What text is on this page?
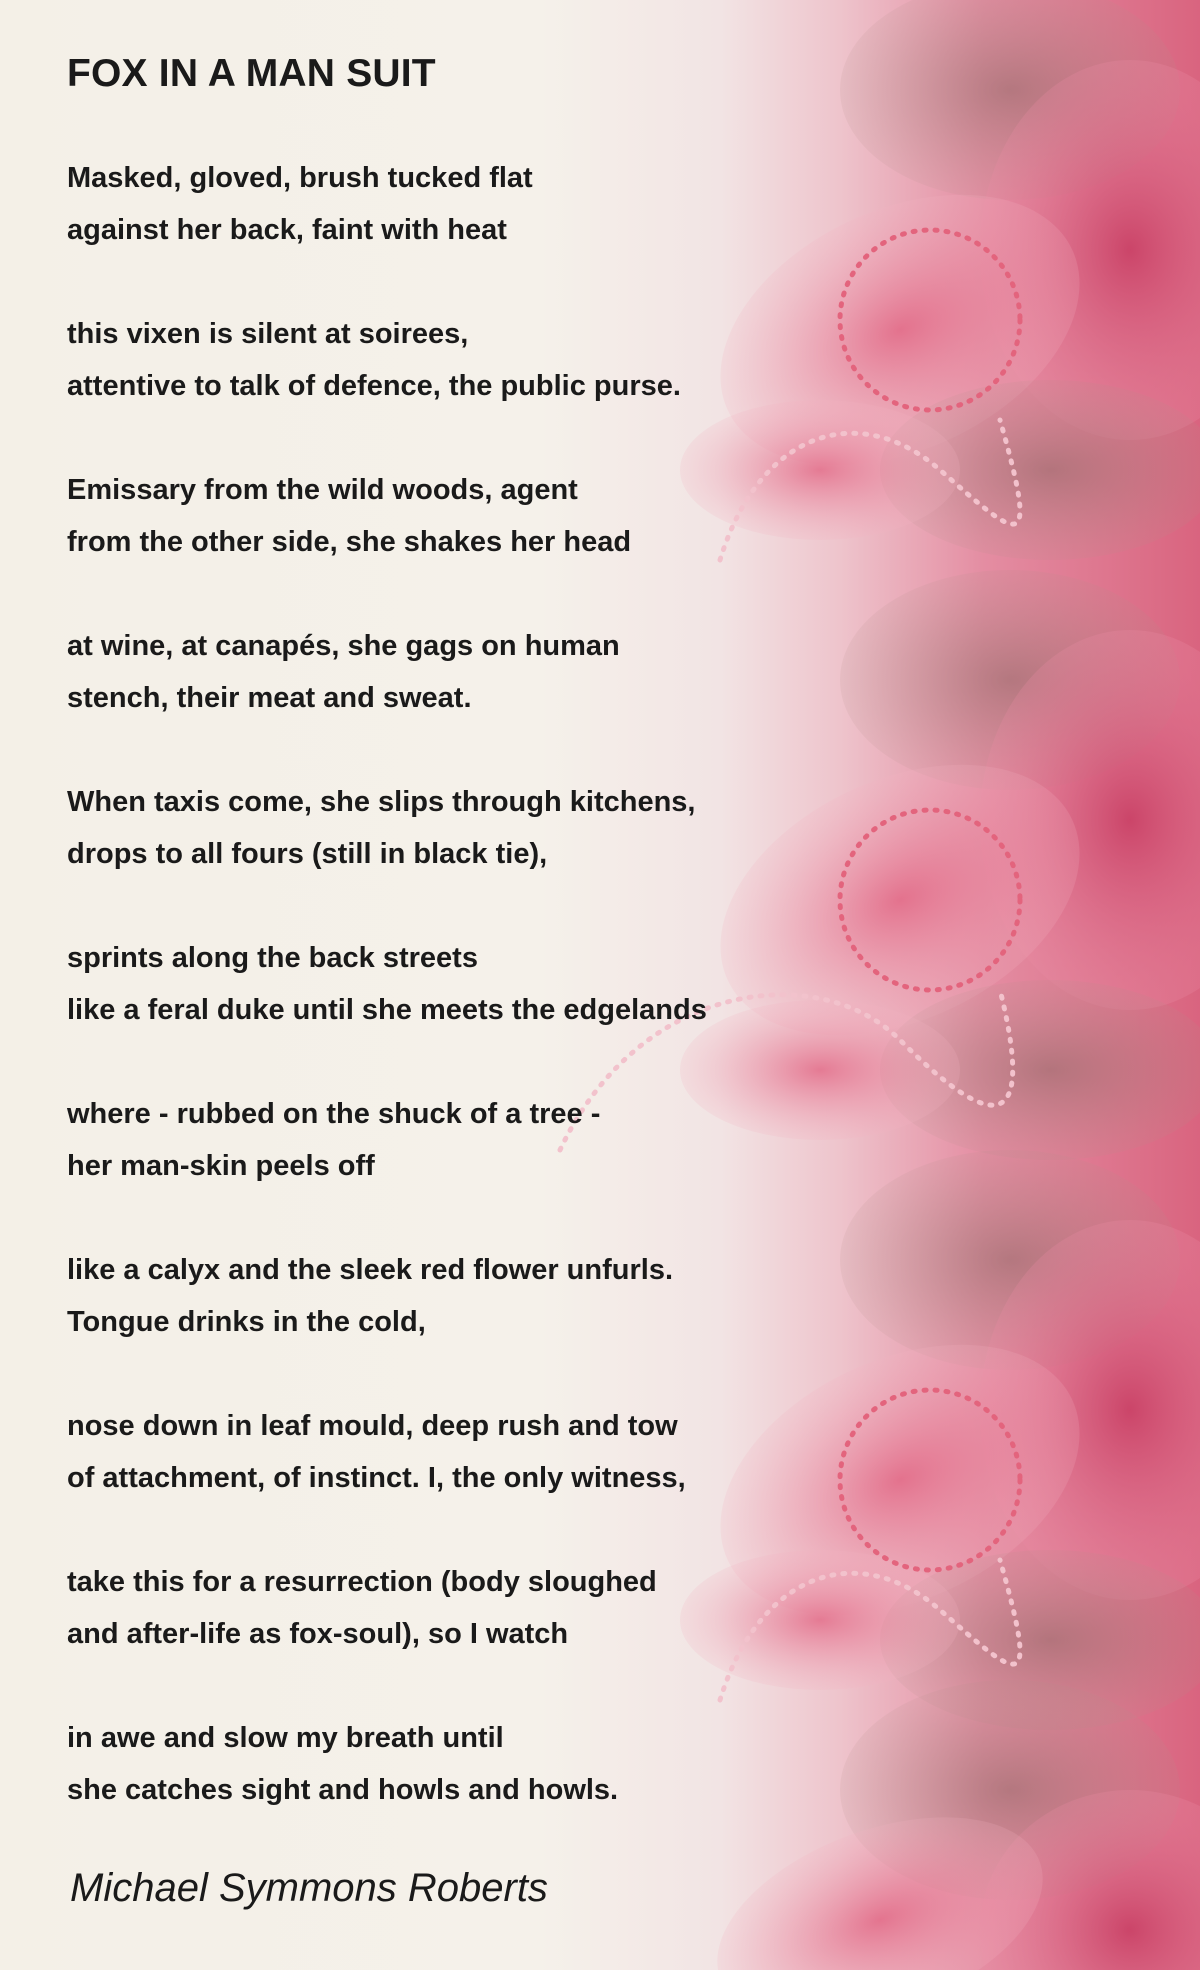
FOX IN A MAN SUIT
Masked, gloved, brush tucked flat
against her back, faint with heat
this vixen is silent at soirees,
attentive to talk of defence, the public purse.
Emissary from the wild woods, agent
from the other side, she shakes her head
at wine, at canapés, she gags on human
stench, their meat and sweat.
When taxis come, she slips through kitchens,
drops to all fours (still in black tie),
sprints along the back streets
like a feral duke until she meets the edgelands
where - rubbed on the shuck of a tree -
her man-skin peels off
like a calyx and the sleek red flower unfurls.
Tongue drinks in the cold,
nose down in leaf mould, deep rush and tow
of attachment, of instinct. I, the only witness,
take this for a resurrection (body sloughed
and after-life as fox-soul), so I watch
in awe and slow my breath until
she catches sight and howls and howls.
Michael Symmons Roberts
